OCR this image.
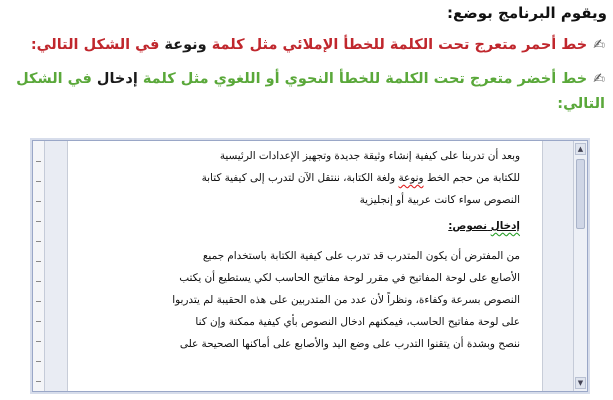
ويقوم البرنامج بوضع:
✍خط أحمر متعرج تحت الكلمة للخطأ الإملائي مثل كلمة ونوعة في الشكل التالي:
✍خط أخضر متعرج تحت الكلمة للخطأ النحوي أو اللغوي مثل كلمة إدخال في الشكل التالي:
وبعد أن تدربنا على كيفية إنشاء وثيقة جديدة وتجهيز الإعدادات الرئيسية
للكتابة من حجم الخط ونوعة ولغة الكتابة، ننتقل الآن لتدرب إلى كيفية كتابة
النصوص سواء كانت عربية أو إنجليزية
إدخال نصوص:
من المفترض أن يكون المتدرب قد تدرب على كيفية الكتابة باستخدام جميع
الأصابع على لوحة المفاتيح في مقرر لوحة مفاتيح الحاسب لكي يستطيع أن يكتب
النصوص بسرعة وكفاءة، ونظراً لأن عدد من المتدربين على هذه الحقيبة لم يتدربوا
على لوحة مفاتيح الحاسب، فيمكنهم ادخال النصوص بأي كيفية ممكنة وإن كنا
ننصح وبشدة أن يتقنوا التدرب على وضع اليد والأصابع على أماكنها الصحيحة على
▲
▼
